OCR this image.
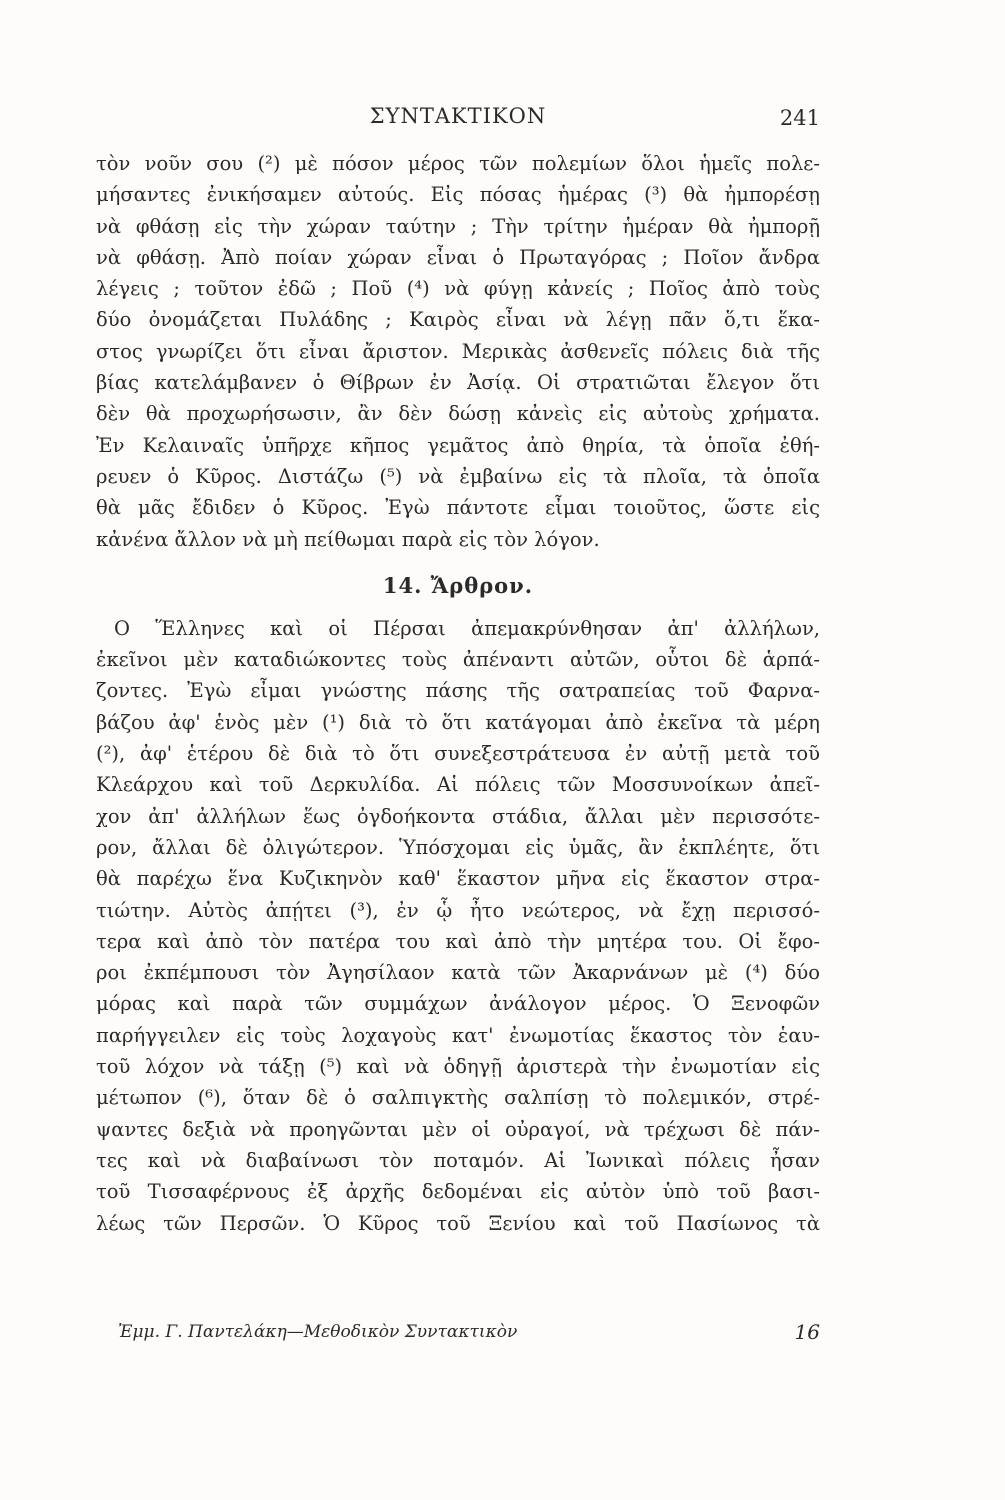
ΣΥΝΤΑΚΤΙΚΟΝ	241
τὸν νοῦν σου (²) μὲ πόσον μέρος τῶν πολεμίων ὅλοι ἡμεῖς πολε-
μήσαντες ἐνικήσαμεν αὐτούς. Εἰς πόσας ἡμέρας (³) θὰ ἠμπορέσῃ
νὰ φθάσῃ εἰς τὴν χώραν ταύτην ; Τὴν τρίτην ἡμέραν θὰ ἠμπορῇ
νὰ φθάσῃ. Ἀπὸ ποίαν χώραν εἶναι ὁ Πρωταγόρας ; Ποῖον ἄνδρα
λέγεις ; τοῦτον ἐδῶ ; Ποῦ (⁴) νὰ φύγῃ κἀνείς ; Ποῖος ἀπὸ τοὺς
δύο ὀνομάζεται Πυλάδης ; Καιρὸς εἶναι νὰ λέγῃ πᾶν ὅ,τι ἕκα-
στος γνωρίζει ὅτι εἶναι ἄριστον. Μερικὰς ἀσθενεῖς πόλεις διὰ τῆς
βίας κατελάμβανεν ὁ Θίβρων ἐν Ἀσίᾳ. Οἱ στρατιῶται ἔλεγον ὅτι
δὲν θὰ προχωρήσωσιν, ἂν δὲν δώσῃ κἀνεὶς εἰς αὐτοὺς χρήματα.
Ἐν Κελαιναῖς ὑπῆρχε κῆπος γεμᾶτος ἀπὸ θηρία, τὰ ὁποῖα ἐθή-
ρευεν ὁ Κῦρος. Διστάζω (⁵) νὰ ἐμβαίνω εἰς τὰ πλοῖα, τὰ ὁποῖα
θὰ μᾶς ἔδιδεν ὁ Κῦρος. Ἐγὼ πάντοτε εἶμαι τοιοῦτος, ὥστε εἰς
κἀνένα ἄλλον νὰ μὴ πείθωμαι παρὰ εἰς τὸν λόγον.
14. Ἄρθρον.
Ο Ἕλληνες καὶ οἱ Πέρσαι ἀπεμακρύνθησαν ἀπ' ἀλλήλων,
ἐκεῖνοι μὲν καταδιώκοντες τοὺς ἀπέναντι αὐτῶν, οὗτοι δὲ ἁρπά-
ζοντες. Ἐγὼ εἶμαι γνώστης πάσης τῆς σατραπείας τοῦ Φαρνα-
βάζου ἀφ' ἑνὸς μὲν (¹) διὰ τὸ ὅτι κατάγομαι ἀπὸ ἐκεῖνα τὰ μέρη
(²), ἀφ' ἑτέρου δὲ διὰ τὸ ὅτι συνεξεστράτευσα ἐν αὐτῇ μετὰ τοῦ
Κλεάρχου καὶ τοῦ Δερκυλίδα. Αἱ πόλεις τῶν Μοσσυνοίκων ἀπεῖ-
χον ἀπ' ἀλλήλων ἕως ὀγδοήκοντα στάδια, ἄλλαι μὲν περισσότε-
ρον, ἄλλαι δὲ ὀλιγώτερον. Ὑπόσχομαι εἰς ὑμᾶς, ἂν ἐκπλέητε, ὅτι
θὰ παρέχω ἕνα Κυζικηνὸν καθ' ἕκαστον μῆνα εἰς ἕκαστον στρα-
τιώτην. Αὐτὸς ἀπῄτει (³), ἐν ᾧ ἦτο νεώτερος, νὰ ἔχῃ περισσό-
τερα καὶ ἀπὸ τὸν πατέρα του καὶ ἀπὸ τὴν μητέρα του. Οἱ ἔφο-
ροι ἐκπέμπουσι τὸν Ἀγησίλαον κατὰ τῶν Ἀκαρνάνων μὲ (⁴) δύο
μόρας καὶ παρὰ τῶν συμμάχων ἀνάλογον μέρος. Ὁ Ξενοφῶν
παρήγγειλεν εἰς τοὺς λοχαγοὺς κατ' ἐνωμοτίας ἕκαστος τὸν ἑαυ-
τοῦ λόχον νὰ τάξῃ (⁵) καὶ νὰ ὁδηγῇ ἀριστερὰ τὴν ἐνωμοτίαν εἰς
μέτωπον (⁶), ὅταν δὲ ὁ σαλπιγκτὴς σαλπίσῃ τὸ πολεμικόν, στρέ-
ψαντες δεξιὰ νὰ προηγῶνται μὲν οἱ οὐραγοί, νὰ τρέχωσι δὲ πάν-
τες καὶ νὰ διαβαίνωσι τὸν ποταμόν. Αἱ Ἰωνικαὶ πόλεις ἦσαν
τοῦ Τισσαφέρνους ἐξ ἀρχῆς δεδομέναι εἰς αὐτὸν ὑπὸ τοῦ βασι-
λέως τῶν Περσῶν. Ὁ Κῦρος τοῦ Ξενίου καὶ τοῦ Πασίωνος τὰ
Ἐμμ. Γ. Παντελάκη—Μεθοδικὸν Συντακτικὸν	16
